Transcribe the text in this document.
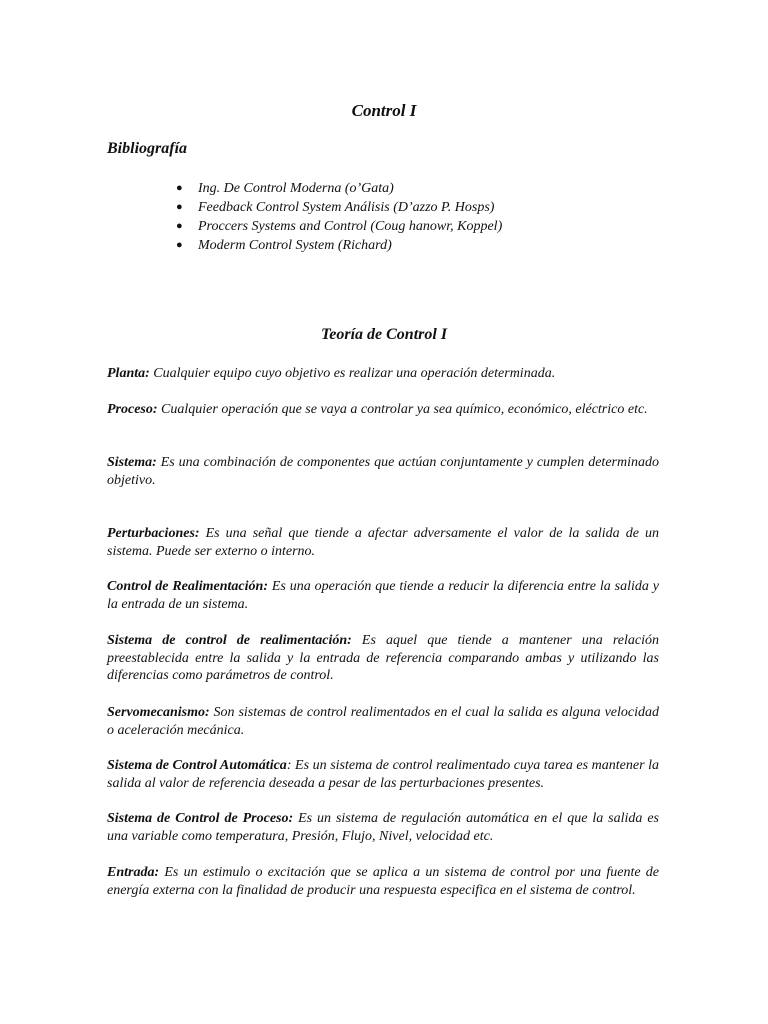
Control I
Bibliografía
● Ing. De Control Moderna (o’Gata)
● Feedback Control System Análisis (D’azzo P. Hosps)
● Proccers Systems and Control (Coug hanowr, Koppel)
● Moderm Control System (Richard)
Teoría de Control I

Planta: Cualquier equipo cuyo objetivo es realizar una operación determinada.

Proceso: Cualquier operación que se vaya a controlar ya sea químico, económico, eléctrico etc.

Sistema: Es una combinación de componentes que actúan conjuntamente y cumplen determinado objetivo.

Perturbaciones: Es una señal que tiende a afectar adversamente el valor de la salida de un sistema. Puede ser externo o interno.

Control de Realimentación: Es una operación que tiende a reducir la diferencia entre la salida y la entrada de un sistema.

Sistema de control de realimentación: Es aquel que tiende a mantener una relación preestablecida entre la salida y la entrada de referencia comparando ambas y utilizando las diferencias como parámetros de control.

Servomecanismo: Son sistemas de control realimentados en el cual la salida es alguna velocidad o aceleración mecánica.

Sistema de Control Automática: Es un sistema de control realimentado cuya tarea es mantener la salida al valor de referencia deseada a pesar de las perturbaciones presentes.

Sistema de Control de Proceso: Es un sistema de regulación automática en el que la salida es una variable como temperatura, Presión, Flujo, Nivel, velocidad etc.

Entrada: Es un estimulo o excitación que se aplica a un sistema de control por una fuente de energía externa con la finalidad de producir una respuesta especifica en el sistema de control.
